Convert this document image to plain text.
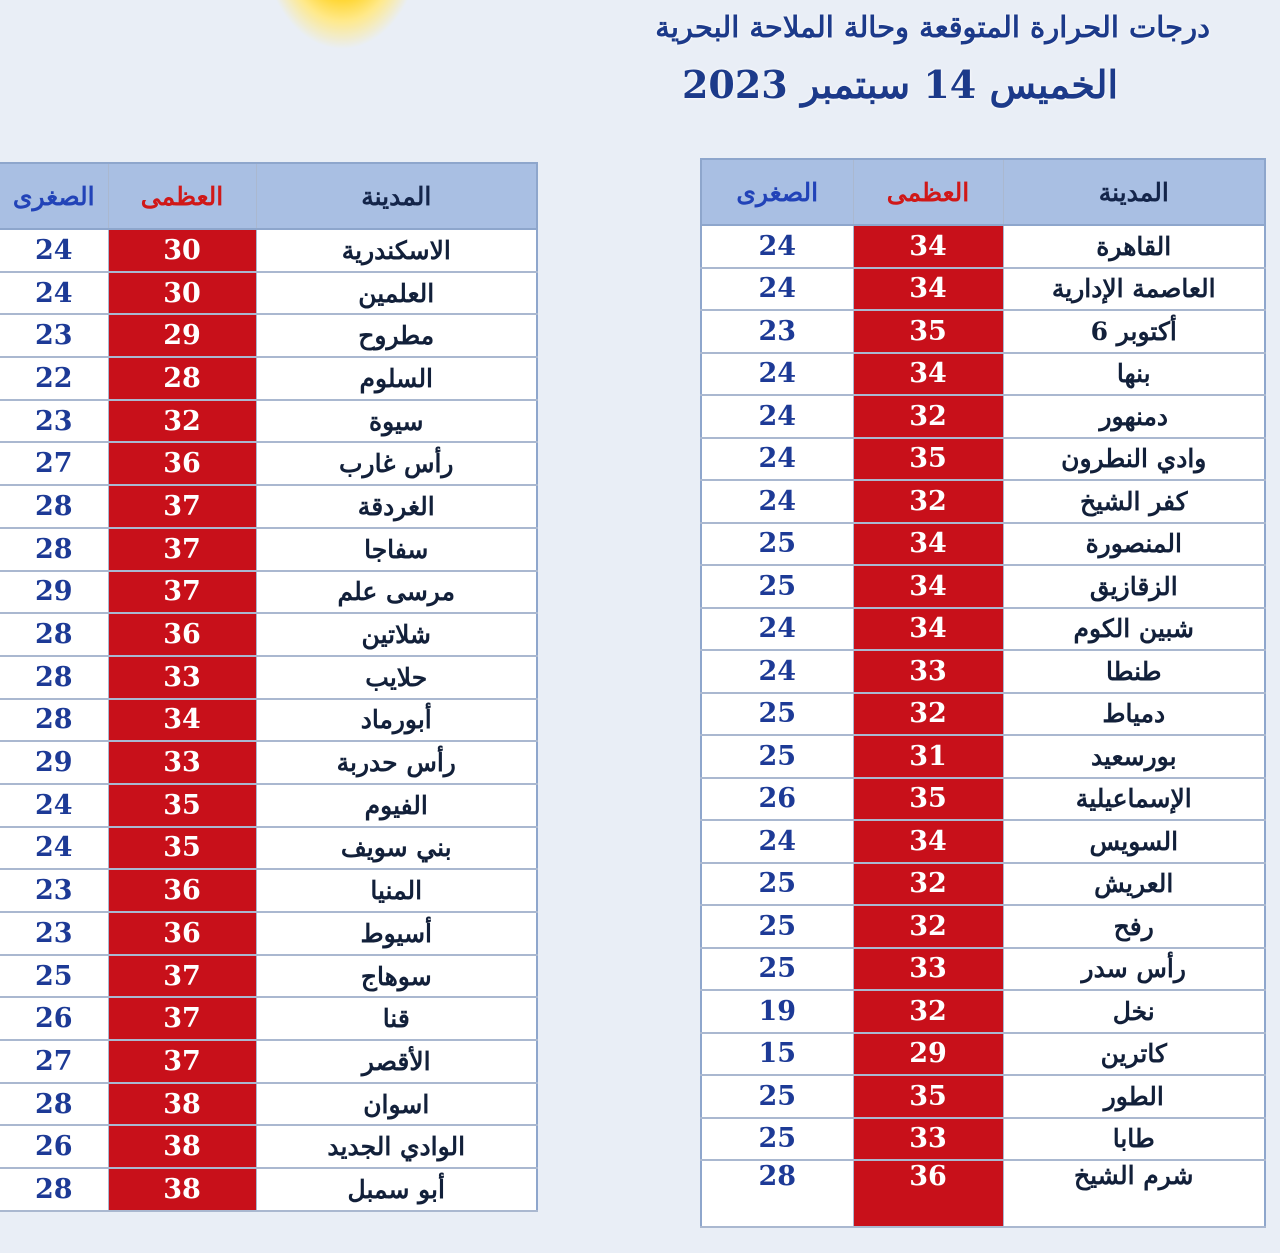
درجات الحرارة المتوقعة وحالة الملاحة البحرية
الخميس 14 سبتمبر 2023
الصغرى	العظمى	المدينة
24	34	القاهرة
24	34	العاصمة الإدارية
23	35	6 أكتوبر
24	34	بنها
24	32	دمنهور
24	35	وادي النطرون
24	32	كفر الشيخ
25	34	المنصورة
25	34	الزقازيق
24	34	شبين الكوم
24	33	طنطا
25	32	دمياط
25	31	بورسعيد
26	35	الإسماعيلية
24	34	السويس
25	32	العريش
25	32	رفح
25	33	رأس سدر
19	32	نخل
15	29	كاترين
25	35	الطور
25	33	طابا
28	36	شرم الشيخ
الصغرى	العظمى	المدينة
24	30	الاسكندرية
24	30	العلمين
23	29	مطروح
22	28	السلوم
23	32	سيوة
27	36	رأس غارب
28	37	الغردقة
28	37	سفاجا
29	37	مرسى علم
28	36	شلاتين
28	33	حلايب
28	34	أبورماد
29	33	رأس حدربة
24	35	الفيوم
24	35	بني سويف
23	36	المنيا
23	36	أسيوط
25	37	سوهاج
26	37	قنا
27	37	الأقصر
28	38	اسوان
26	38	الوادي الجديد
28	38	أبو سمبل
